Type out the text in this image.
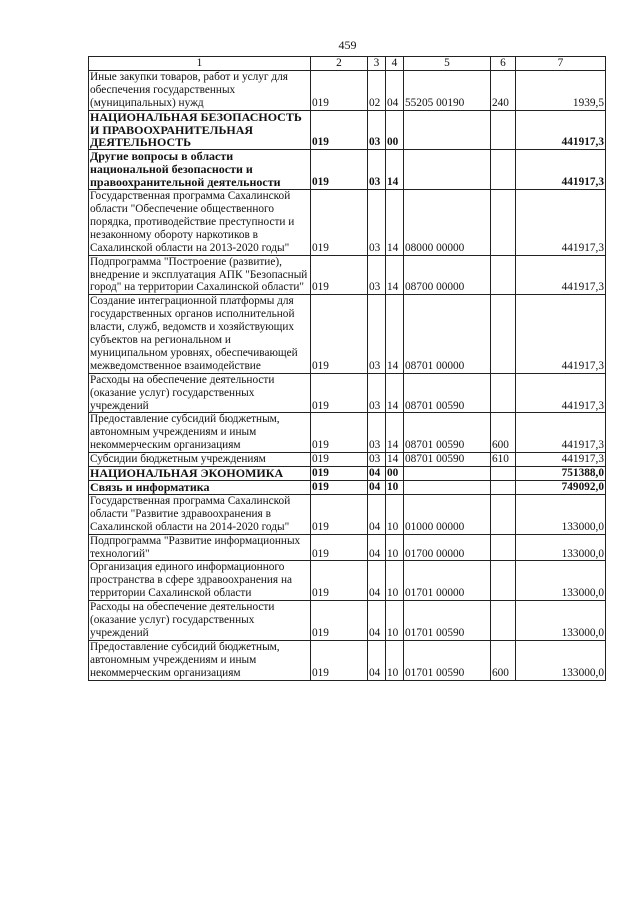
459
1	2	3	4	5	6	7
Иные закупки товаров, работ и услуг для обеспечения государственных (муниципальных) нужд	019	02	04	55205 00190	240	1939,5
НАЦИОНАЛЬНАЯ БЕЗОПАСНОСТЬ И ПРАВООХРАНИТЕЛЬНАЯ ДЕЯТЕЛЬНОСТЬ	019	03	00			441917,3
Другие вопросы в области национальной безопасности и правоохранительной деятельности	019	03	14			441917,3
Государственная программа Сахалинской области "Обеспечение общественного порядка, противодействие преступности и незаконному обороту наркотиков в Сахалинской области на 2013-2020 годы"	019	03	14	08000 00000		441917,3
Подпрограмма "Построение (развитие), внедрение и эксплуатация АПК "Безопасный город" на территории Сахалинской области"	019	03	14	08700 00000		441917,3
Создание интеграционной платформы для государственных органов исполнительной власти, служб, ведомств и хозяйствующих субъектов на региональном и муниципальном уровнях, обеспечивающей межведомственное взаимодействие	019	03	14	08701 00000		441917,3
Расходы на обеспечение деятельности (оказание услуг) государственных учреждений	019	03	14	08701 00590		441917,3
Предоставление субсидий бюджетным, автономным учреждениям и иным некоммерческим организациям	019	03	14	08701 00590	600	441917,3
Субсидии бюджетным учреждениям	019	03	14	08701 00590	610	441917,3
НАЦИОНАЛЬНАЯ ЭКОНОМИКА	019	04	00			751388,0
Связь и информатика	019	04	10			749092,0
Государственная программа Сахалинской области "Развитие здравоохранения в Сахалинской области на 2014-2020 годы"	019	04	10	01000 00000		133000,0
Подпрограмма "Развитие информационных технологий"	019	04	10	01700 00000		133000,0
Организация единого информационного пространства в сфере здравоохранения на территории Сахалинской области	019	04	10	01701 00000		133000,0
Расходы на обеспечение деятельности (оказание услуг) государственных учреждений	019	04	10	01701 00590		133000,0
Предоставление субсидий бюджетным, автономным учреждениям и иным некоммерческим организациям	019	04	10	01701 00590	600	133000,0
